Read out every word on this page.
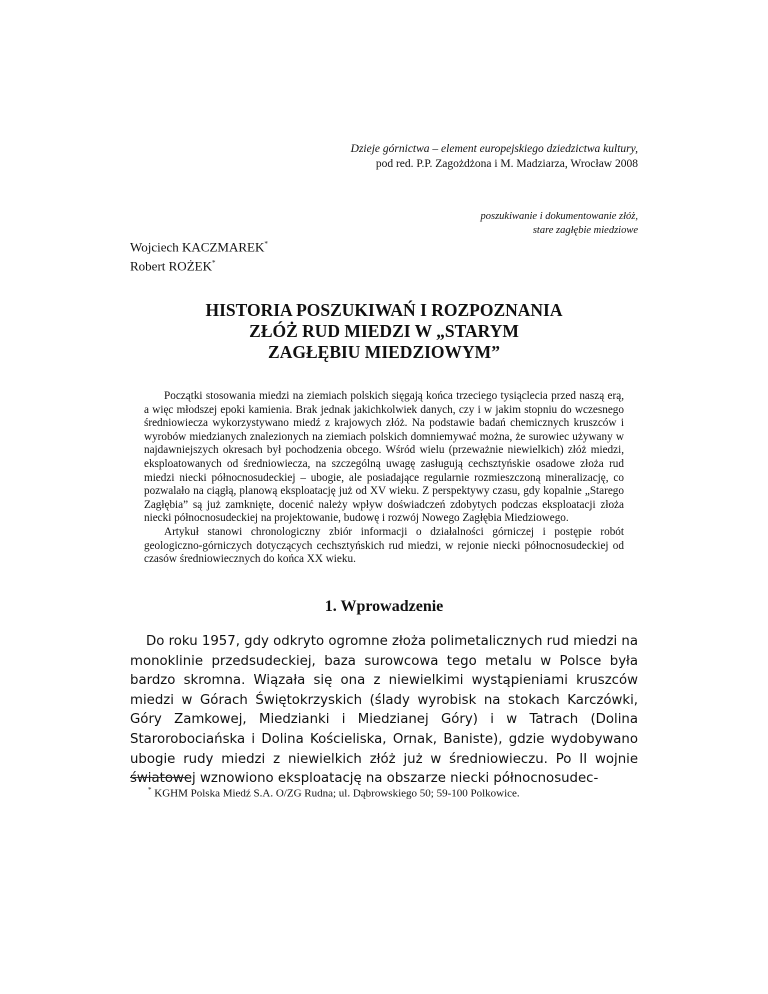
Dzieje górnictwa – element europejskiego dziedzictwa kultury,
pod red. P.P. Zagożdżona i M. Madziarza, Wrocław 2008
poszukiwanie i dokumentowanie złóż,
stare zagłębie miedziowe
Wojciech KACZMAREK*
Robert ROŻEK*
HISTORIA POSZUKIWAŃ I ROZPOZNANIA
ZŁÓŻ RUD MIEDZI W „STARYM
ZAGŁĘBIU MIEDZIOWYM”

Początki stosowania miedzi na ziemiach polskich sięgają końca trzeciego tysiąclecia przed naszą erą, a więc młodszej epoki kamienia. Brak jednak jakichkolwiek danych, czy i w jakim stopniu do wczesnego średniowiecza wykorzystywano miedź z krajowych złóż. Na podstawie badań chemicznych kruszców i wyrobów miedzianych znalezionych na ziemiach polskich domniemywać można, że surowiec używany w najdawniejszych okresach był pochodzenia obcego. Wśród wielu (przeważnie niewielkich) złóż miedzi, eksploatowanych od średniowiecza, na szczególną uwagę zasługują cechsztyńskie osadowe złoża rud miedzi niecki północnosudeckiej – ubogie, ale posiadające regularnie rozmieszczoną mineralizację, co pozwalało na ciągłą, planową eksploatację już od XV wieku. Z perspektywy czasu, gdy kopalnie „Starego Zagłębia” są już zamknięte, docenić należy wpływ doświadczeń zdobytych podczas eksploatacji złoża niecki północnosudeckiej na projektowanie, budowę i rozwój Nowego Zagłębia Miedziowego.

Artykuł stanowi chronologiczny zbiór informacji o działalności górniczej i postępie robót geologiczno-górniczych dotyczących cechsztyńskich rud miedzi, w rejonie niecki północnosudeckiej od czasów średniowiecznych do końca XX wieku.

1. Wprowadzenie

Do roku 1957, gdy odkryto ogromne złoża polimetalicznych rud miedzi na monoklinie przedsudeckiej, baza surowcowa tego metalu w Polsce była bardzo skromna. Wiązała się ona z niewielkimi wystąpieniami kruszców miedzi w Górach Świętokrzyskich (ślady wyrobisk na stokach Karczówki, Góry Zamkowej, Miedzianki i Miedzianej Góry) i w Tatrach (Dolina Starorobociańska i Dolina Kościeliska, Ornak, Baniste), gdzie wydobywano ubogie rudy miedzi z niewielkich złóż już w średniowieczu. Po II wojnie światowej wznowiono eksploatację na obszarze niecki północnosudec-

* KGHM Polska Miedź S.A. O/ZG Rudna; ul. Dąbrowskiego 50; 59-100 Polkowice.
